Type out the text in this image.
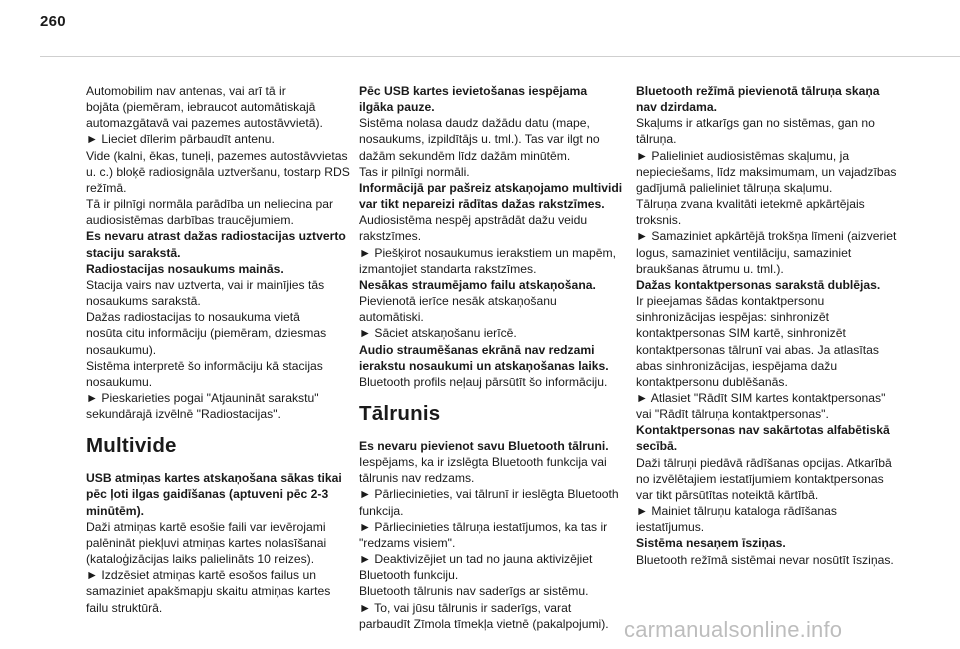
260

Automobilim nav antenas, vai arī tā ir
bojāta (piemēram, iebraucot automātiskajā
automazgātavā vai pazemes autostāvvietā).
► Lieciet dīlerim pārbaudīt antenu.
Vide (kalni, ēkas, tuneļi, pazemes autostāvvietas
u. c.) bloķē radiosignāla uztveršanu, tostarp RDS
režīmā.
Tā ir pilnīgi normāla parādība un neliecina par
audiosistēmas darbības traucējumiem.

Es nevaru atrast dažas radiostacijas uztverto
staciju sarakstā.
Radiostacijas nosaukums mainās.

Stacija vairs nav uztverta, vai ir mainījies tās
nosaukums sarakstā.
Dažas radiostacijas to nosaukuma vietā
nosūta citu informāciju (piemēram, dziesmas
nosaukumu).
Sistēma interpretē šo informāciju kā stacijas
nosaukumu.
► Pieskarieties pogai "Atjaunināt sarakstu"
sekundārajā izvēlnē "Radiostacijas".

Multivide

USB atmiņas kartes atskaņošana sākas tikai
pēc ļoti ilgas gaidīšanas (aptuveni pēc 2-3
minūtēm).

Daži atmiņas kartē esošie faili var ievērojami
palēnināt piekļuvi atmiņas kartes nolasīšanai
(kataloģizācijas laiks palielināts 10 reizes).
► Izdzēsiet atmiņas kartē esošos failus un
samaziniet apakšmapju skaitu atmiņas kartes
failu struktūrā.

Pēc USB kartes ievietošanas iespējama
ilgāka pauze.

Sistēma nolasa daudz dažādu datu (mape,
nosaukums, izpildītājs u. tml.). Tas var ilgt no
dažām sekundēm līdz dažām minūtēm.
Tas ir pilnīgi normāli.

Informācijā par pašreiz atskaņojamo multividi
var tikt nepareizi rādītas dažas rakstzīmes.

Audiosistēma nespēj apstrādāt dažu veidu
rakstzīmes.
► Piešķirot nosaukumus ierakstiem un mapēm,
izmantojiet standarta rakstzīmes.

Nesākas straumējamo failu atskaņošana.

Pievienotā ierīce nesāk atskaņošanu
automātiski.
► Sāciet atskaņošanu ierīcē.

Audio straumēšanas ekrānā nav redzami
ierakstu nosaukumi un atskaņošanas laiks.

Bluetooth profils neļauj pārsūtīt šo informāciju.

Tālrunis

Es nevaru pievienot savu Bluetooth tālruni.

Iespējams, ka ir izslēgta Bluetooth funkcija vai
tālrunis nav redzams.
► Pārliecinieties, vai tālrunī ir ieslēgta Bluetooth
funkcija.
► Pārliecinieties tālruņa iestatījumos, ka tas ir
"redzams visiem".
► Deaktivizējiet un tad no jauna aktivizējiet
Bluetooth funkciju.
Bluetooth tālrunis nav saderīgs ar sistēmu.
► To, vai jūsu tālrunis ir saderīgs, varat
parbaudīt Zīmola tīmekļa vietnē (pakalpojumi).

Bluetooth režīmā pievienotā tālruņa skaņa
nav dzirdama.

Skaļums ir atkarīgs gan no sistēmas, gan no
tālruņa.
► Palieliniet audiosistēmas skaļumu, ja
nepieciešams, līdz maksimumam, un vajadzības
gadījumā palieliniet tālruņa skaļumu.
Tālruņa zvana kvalitāti ietekmē apkārtējais
troksnis.
► Samaziniet apkārtējā trokšņa līmeni (aizveriet
logus, samaziniet ventilāciju, samaziniet
braukšanas ātrumu u. tml.).

Dažas kontaktpersonas sarakstā dublējas.

Ir pieejamas šādas kontaktpersonu
sinhronizācijas iespējas: sinhronizēt
kontaktpersonas SIM kartē, sinhronizēt
kontaktpersonas tālrunī vai abas. Ja atlasītas
abas sinhronizācijas, iespējama dažu
kontaktpersonu dublēšanās.
► Atlasiet "Rādīt SIM kartes kontaktpersonas"
vai "Rādīt tālruņa kontaktpersonas".

Kontaktpersonas nav sakārtotas alfabētiskā
secībā.

Daži tālruņi piedāvā rādīšanas opcijas. Atkarībā
no izvēlētajiem iestatījumiem kontaktpersonas
var tikt pārsūtītas noteiktā kārtībā.
► Mainiet tālruņu kataloga rādīšanas
iestatījumus.

Sistēma nesaņem īsziņas.

Bluetooth režīmā sistēmai nevar nosūtīt īsziņas.

carmanualsonline.info
